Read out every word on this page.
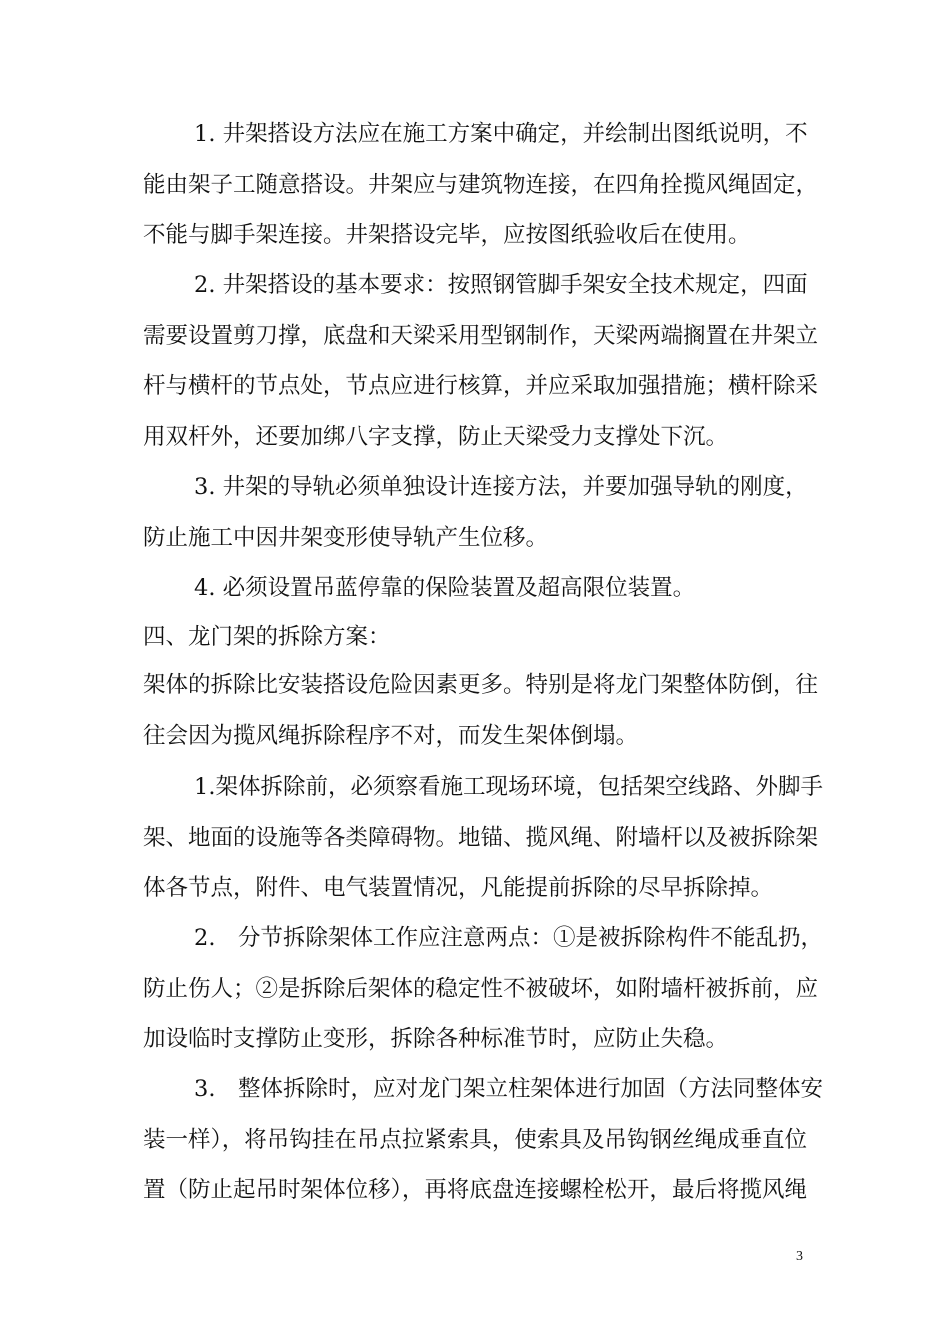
1. 井架搭设方法应在施工方案中确定，并绘制出图纸说明，不
能由架子工随意搭设。井架应与建筑物连接，在四角拴揽风绳固定，
不能与脚手架连接。井架搭设完毕，应按图纸验收后在使用。
2. 井架搭设的基本要求：按照钢管脚手架安全技术规定，四面
需要设置剪刀撑，底盘和天梁采用型钢制作，天梁两端搁置在井架立
杆与横杆的节点处，节点应进行核算，并应采取加强措施；横杆除采
用双杆外，还要加绑八字支撑，防止天梁受力支撑处下沉。
3. 井架的导轨必须单独设计连接方法，并要加强导轨的刚度，
防止施工中因井架变形使导轨产生位移。
4. 必须设置吊蓝停靠的保险装置及超高限位装置。
四、龙门架的拆除方案：
架体的拆除比安装搭设危险因素更多。特别是将龙门架整体防倒，往
往会因为揽风绳拆除程序不对，而发生架体倒塌。
1.架体拆除前，必须察看施工现场环境，包括架空线路、外脚手
架、地面的设施等各类障碍物。地锚、揽风绳、附墙杆以及被拆除架
体各节点，附件、电气装置情况，凡能提前拆除的尽早拆除掉。
2.　分节拆除架体工作应注意两点：①是被拆除构件不能乱扔，
防止伤人；②是拆除后架体的稳定性不被破坏，如附墙杆被拆前，应
加设临时支撑防止变形，拆除各种标准节时，应防止失稳。
3.　整体拆除时，应对龙门架立柱架体进行加固（方法同整体安
装一样），将吊钩挂在吊点拉紧索具，使索具及吊钩钢丝绳成垂直位
置（防止起吊时架体位移），再将底盘连接螺栓松开，最后将揽风绳
3
